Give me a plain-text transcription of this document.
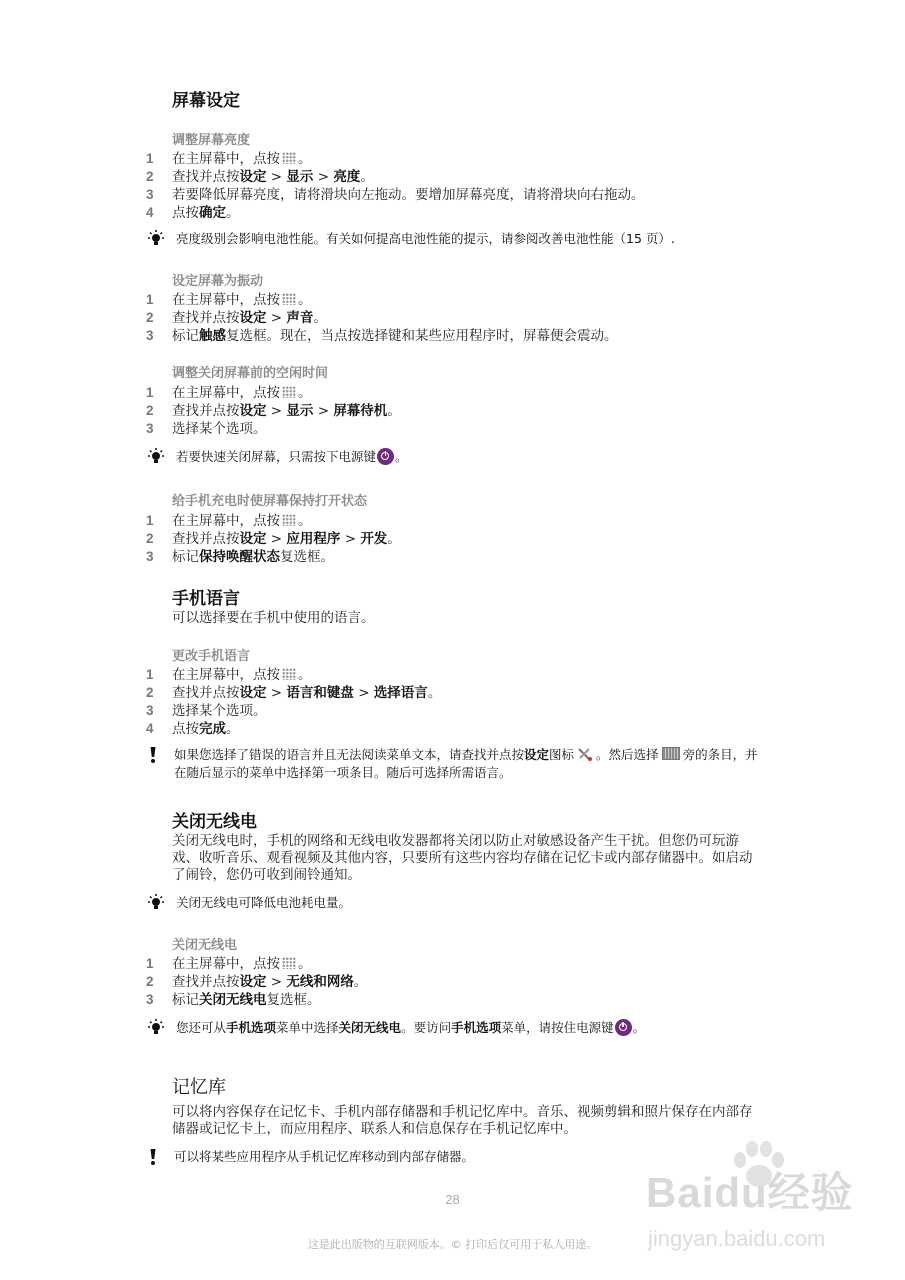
屏幕设定
调整屏幕亮度
1 在主屏幕中，点按 。
2 查找并点按设定 > 显示 > 亮度。
3 若要降低屏幕亮度，请将滑块向左拖动。要增加屏幕亮度，请将滑块向右拖动。
4 点按确定。
亮度级别会影响电池性能。有关如何提高电池性能的提示，请参阅改善电池性能（15 页）.
设定屏幕为振动
1 在主屏幕中，点按 。
2 查找并点按设定 > 声音。
3 标记触感复选框。现在，当点按选择键和某些应用程序时，屏幕便会震动。
调整关闭屏幕前的空闲时间
1 在主屏幕中，点按 。
2 查找并点按设定 > 显示 > 屏幕待机。
3 选择某个选项。
若要快速关闭屏幕，只需按下电源键 。
给手机充电时使屏幕保持打开状态
1 在主屏幕中，点按 。
2 查找并点按设定 > 应用程序 > 开发。
3 标记保持唤醒状态复选框。
手机语言
可以选择要在手机中使用的语言。
更改手机语言
1 在主屏幕中，点按 。
2 查找并点按设定 > 语言和键盘 > 选择语言。
3 选择某个选项。
4 点按完成。
如果您选择了错误的语言并且无法阅读菜单文本，请查找并点按设定图标 。然后选择 旁的条目，并在随后显示的菜单中选择第一项条目。随后可选择所需语言。
关闭无线电
关闭无线电时，手机的网络和无线电收发器都将关闭以防止对敏感设备产生干扰。但您仍可玩游戏、收听音乐、观看视频及其他内容，只要所有这些内容均存储在记忆卡或内部存储器中。如启动了闹铃，您仍可收到闹铃通知。
关闭无线电可降低电池耗电量。
关闭无线电
1 在主屏幕中，点按 。
2 查找并点按设定 > 无线和网络。
3 标记关闭无线电复选框。
您还可从手机选项菜单中选择关闭无线电。要访问手机选项菜单，请按住电源键 。
记忆库
可以将内容保存在记忆卡、手机内部存储器和手机记忆库中。音乐、视频剪辑和照片保存在内部存储器或记忆卡上，而应用程序、联系人和信息保存在手机记忆库中。
可以将某些应用程序从手机记忆库移动到内部存储器。
28
这是此出版物的互联网版本。© 打印后仅可用于私人用途。
Baidu经验
jingyan.baidu.com
